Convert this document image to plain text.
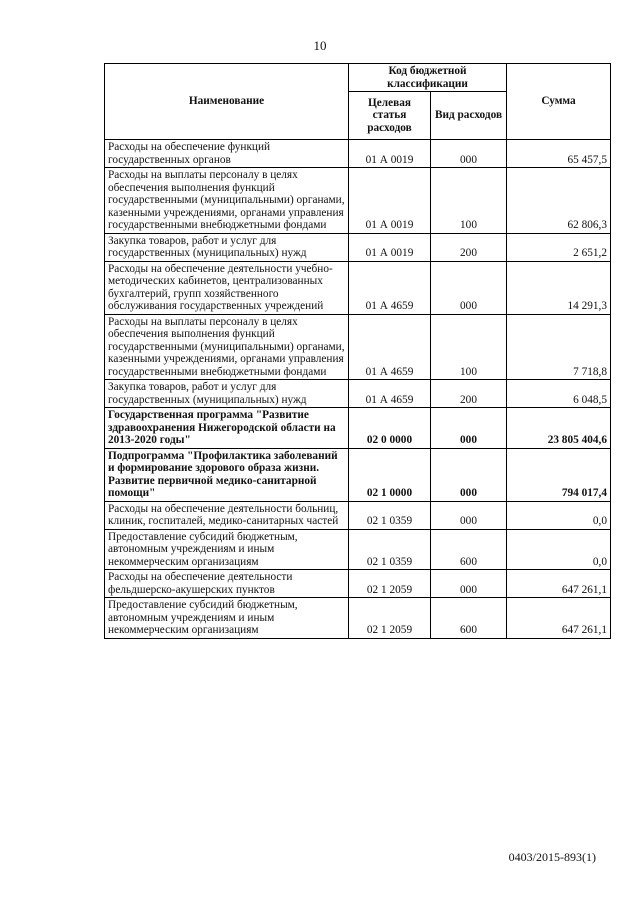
10
Наименование	Код бюджетной классификации		Сумма
	Целевая статья расходов	Вид расходов	
Расходы на обеспечение функций государственных органов	01 А 0019	000	65 457,5
Расходы на выплаты персоналу в целях обеспечения выполнения функций государственными (муниципальными) органами, казенными учреждениями, органами управления государственными внебюджетными фондами	01 А 0019	100	62 806,3
Закупка товаров, работ и услуг для государственных (муниципальных) нужд	01 А 0019	200	2 651,2
Расходы на обеспечение деятельности учебно-методических кабинетов, централизованных бухгалтерий, групп хозяйственного обслуживания государственных учреждений	01 А 4659	000	14 291,3
Расходы на выплаты персоналу в целях обеспечения выполнения функций государственными (муниципальными) органами, казенными учреждениями, органами управления государственными внебюджетными фондами	01 А 4659	100	7 718,8
Закупка товаров, работ и услуг для государственных (муниципальных) нужд	01 А 4659	200	6 048,5
Государственная программа "Развитие здравоохранения Нижегородской области на 2013-2020 годы"	02 0 0000	000	23 805 404,6
Подпрограмма "Профилактика заболеваний и формирование здорового образа жизни. Развитие первичной медико-санитарной помощи"	02 1 0000	000	794 017,4
Расходы на обеспечение деятельности больниц, клиник, госпиталей, медико-санитарных частей	02 1 0359	000	0,0
Предоставление субсидий бюджетным, автономным учреждениям и иным некоммерческим организациям	02 1 0359	600	0,0
Расходы на обеспечение деятельности фельдшерско-акушерских пунктов	02 1 2059	000	647 261,1
Предоставление субсидий бюджетным, автономным учреждениям и иным некоммерческим организациям	02 1 2059	600	647 261,1
0403/2015-893(1)
